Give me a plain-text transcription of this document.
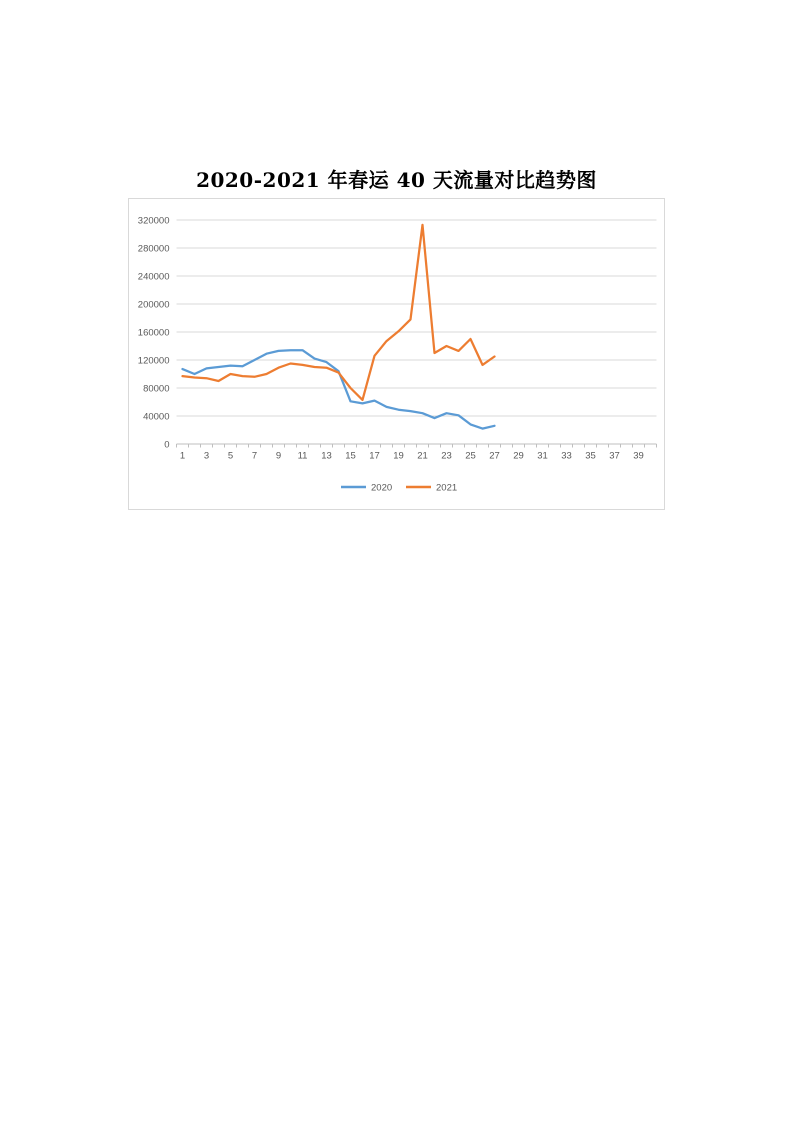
2020-2021 年春运 40 天流量对比趋势图
0
40000
80000
120000
160000
200000
240000
280000
320000
1 3 5 7 9 11 13 15 17 19 21 23 25 27 29 31 33 35 37 39
2020	2021
